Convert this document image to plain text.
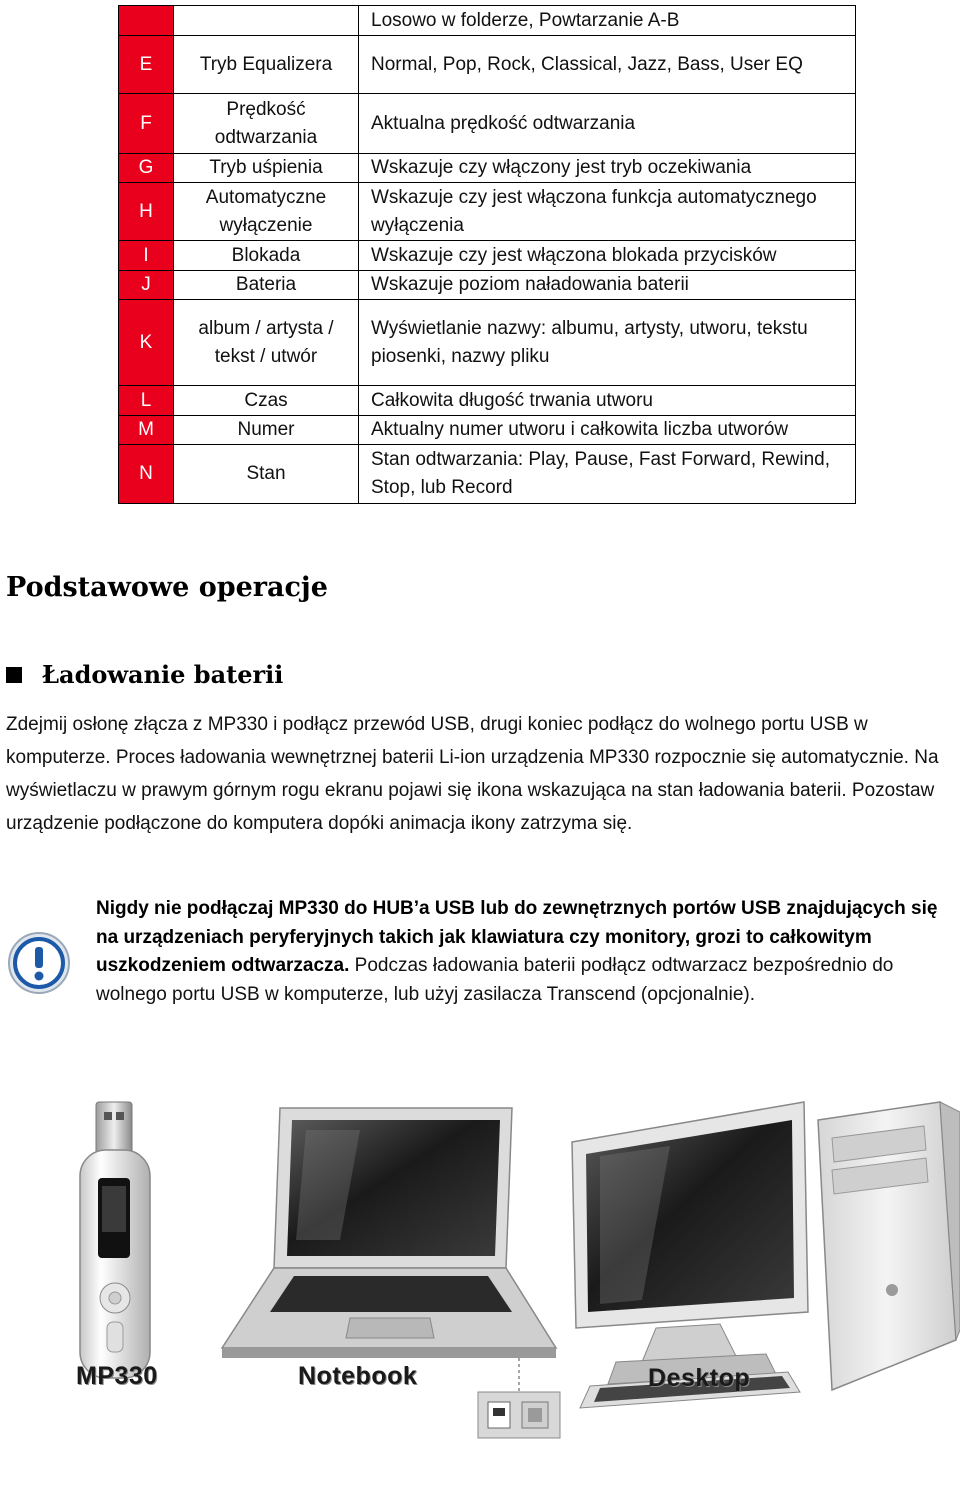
		Losowo w folderze, Powtarzanie A-B
E	Tryb Equalizera	Normal, Pop, Rock, Classical, Jazz, Bass, User EQ
F	Prędkość odtwarzania	Aktualna prędkość odtwarzania
G	Tryb uśpienia	Wskazuje czy włączony jest tryb oczekiwania
H	Automatyczne wyłączenie	Wskazuje czy jest włączona funkcja automatycznego wyłączenia
I	Blokada	Wskazuje czy jest włączona blokada przycisków
J	Bateria	Wskazuje poziom naładowania baterii
K	album / artysta / tekst / utwór	Wyświetlanie nazwy: albumu, artysty, utworu, tekstu piosenki, nazwy pliku
L	Czas	Całkowita długość trwania utworu
M	Numer	Aktualny numer utworu i całkowita liczba utworów
N	Stan	Stan odtwarzania: Play, Pause, Fast Forward, Rewind, Stop, lub Record
Podstawowe operacje
Ładowanie baterii

Zdejmij osłonę złącza z MP330 i podłącz przewód USB, drugi koniec podłącz do wolnego portu USB w komputerze. Proces ładowania wewnętrznej baterii Li-ion urządzenia MP330 rozpocznie się automatycznie. Na wyświetlaczu w prawym górnym rogu ekranu pojawi się ikona wskazująca na stan ładowania baterii. Pozostaw urządzenie podłączone do komputera dopóki animacja ikony zatrzyma się.

Nigdy nie podłączaj MP330 do HUB’a USB lub do zewnętrznych portów USB znajdujących się na urządzeniach peryferyjnych takich jak klawiatura czy monitory, grozi to całkowitym uszkodzeniem odtwarzacza. Podczas ładowania baterii podłącz odtwarzacz bezpośrednio do wolnego portu USB w komputerze, lub użyj zasilacza Transcend (opcjonalnie).

MP330	Notebook	Desktop
